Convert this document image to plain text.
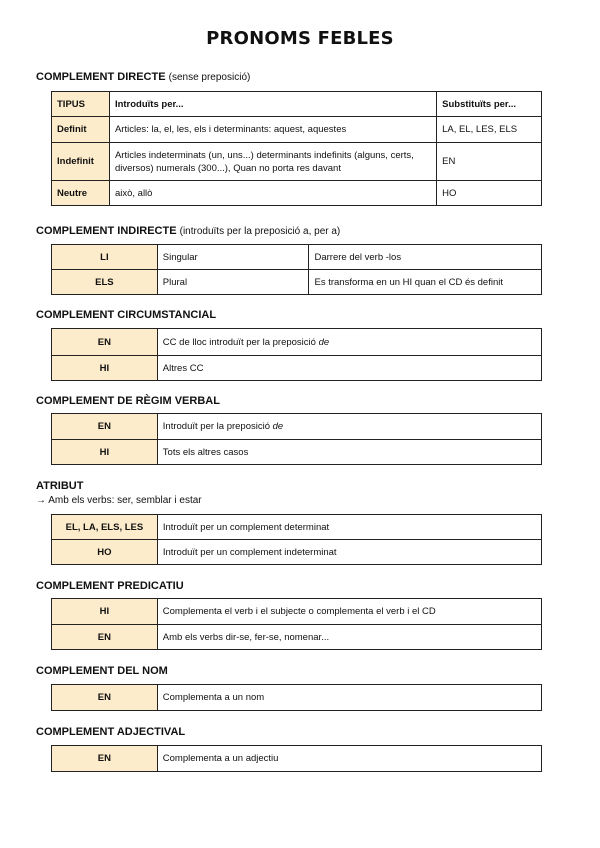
PRONOMS FEBLES
COMPLEMENT DIRECTE (sense preposició)
TIPUS	Introduïts per...	Substituïts per...
Definit	Articles: la, el, les, els i determinants: aquest, aquestes	LA, EL, LES, ELS
Indefinit	Articles indeterminats (un, uns...) determinants indefinits (alguns, certs, diversos) numerals (300...), Quan no porta res davant	EN
Neutre	això, allò	HO
COMPLEMENT INDIRECTE (introduïts per la preposició a, per a)
LI	Singular	Darrere del verb -los
ELS	Plural	Es transforma en un HI quan el CD és definit
COMPLEMENT CIRCUMSTANCIAL
EN	CC de lloc introduït per la preposició de
HI	Altres CC
COMPLEMENT DE RÈGIM VERBAL
EN	Introduït per la preposició de
HI	Tots els altres casos
ATRIBUT
→ Amb els verbs: ser, semblar i estar
EL, LA, ELS, LES	Introduït per un complement determinat
HO	Introduït per un complement indeterminat
COMPLEMENT PREDICATIU
HI	Complementa el verb i el subjecte o complementa el verb i el CD
EN	Amb els verbs dir-se, fer-se, nomenar...
COMPLEMENT DEL NOM
EN	Complementa a un nom
COMPLEMENT ADJECTIVAL
EN	Complementa a un adjectiu
